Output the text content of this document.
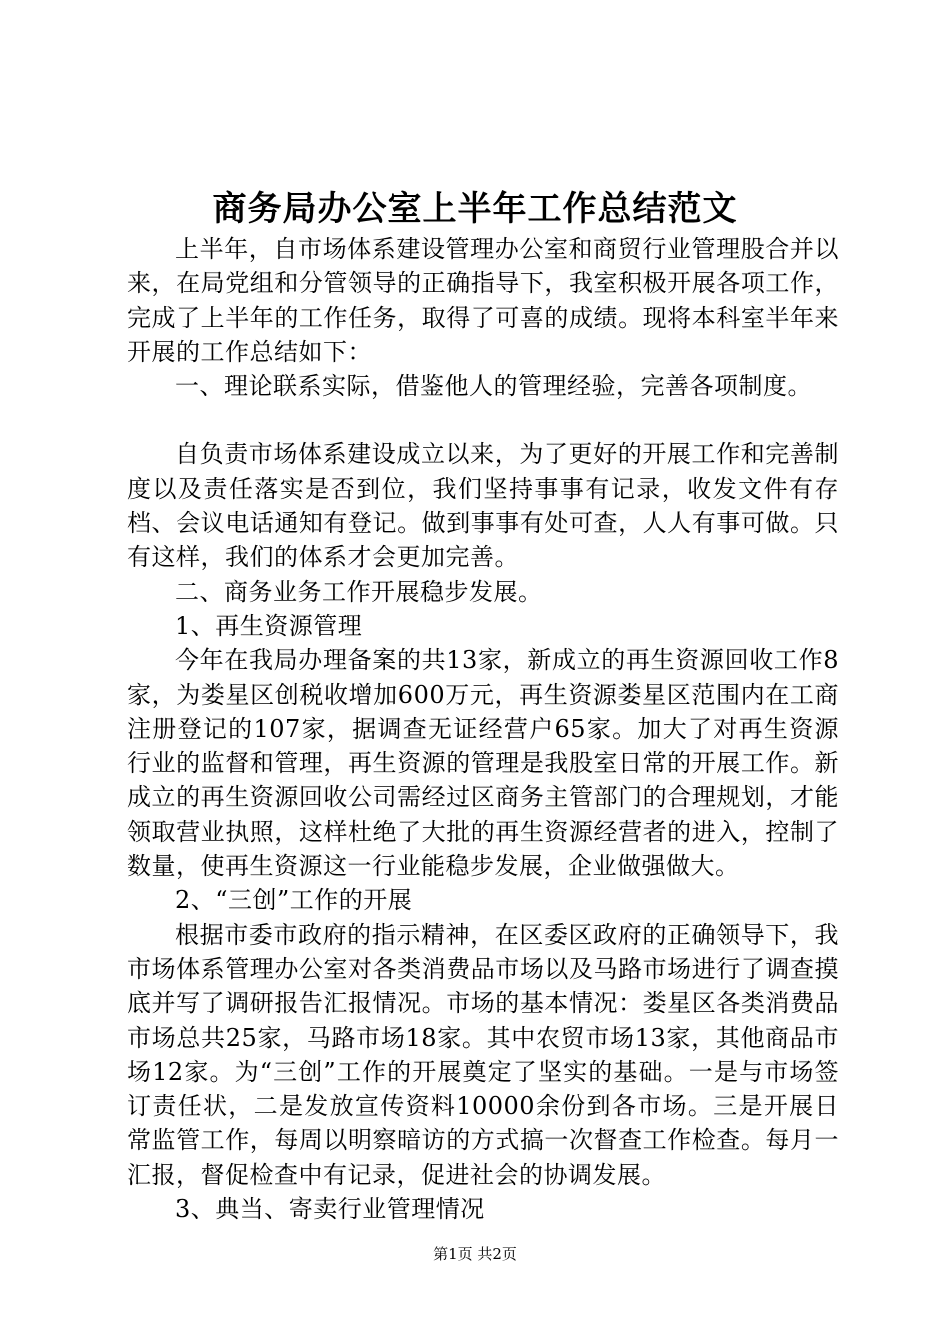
商务局办公室上半年工作总结范文

上半年，自市场体系建设管理办公室和商贸行业管理股合并以来，在局党组和分管领导的正确指导下，我室积极开展各项工作，完成了上半年的工作任务，取得了可喜的成绩。现将本科室半年来开展的工作总结如下：

一、理论联系实际，借鉴他人的管理经验，完善各项制度。

自负责市场体系建设成立以来，为了更好的开展工作和完善制度以及责任落实是否到位，我们坚持事事有记录，收发文件有存档、会议电话通知有登记。做到事事有处可查，人人有事可做。只有这样，我们的体系才会更加完善。

二、商务业务工作开展稳步发展。

1、再生资源管理

今年在我局办理备案的共13家，新成立的再生资源回收工作8家，为娄星区创税收增加600万元，再生资源娄星区范围内在工商注册登记的107家，据调查无证经营户65家。加大了对再生资源行业的监督和管理，再生资源的管理是我股室日常的开展工作。新成立的再生资源回收公司需经过区商务主管部门的合理规划，才能领取营业执照，这样杜绝了大批的再生资源经营者的进入，控制了数量，使再生资源这一行业能稳步发展，企业做强做大。

2、“三创”工作的开展

根据市委市政府的指示精神，在区委区政府的正确领导下，我市场体系管理办公室对各类消费品市场以及马路市场进行了调查摸底并写了调研报告汇报情况。市场的基本情况：娄星区各类消费品市场总共25家，马路市场18家。其中农贸市场13家，其他商品市场12家。为“三创”工作的开展奠定了坚实的基础。一是与市场签订责任状，二是发放宣传资料10000余份到各市场。三是开展日常监管工作，每周以明察暗访的方式搞一次督查工作检查。每月一汇报，督促检查中有记录，促进社会的协调发展。

3、典当、寄卖行业管理情况

第1页 共2页
